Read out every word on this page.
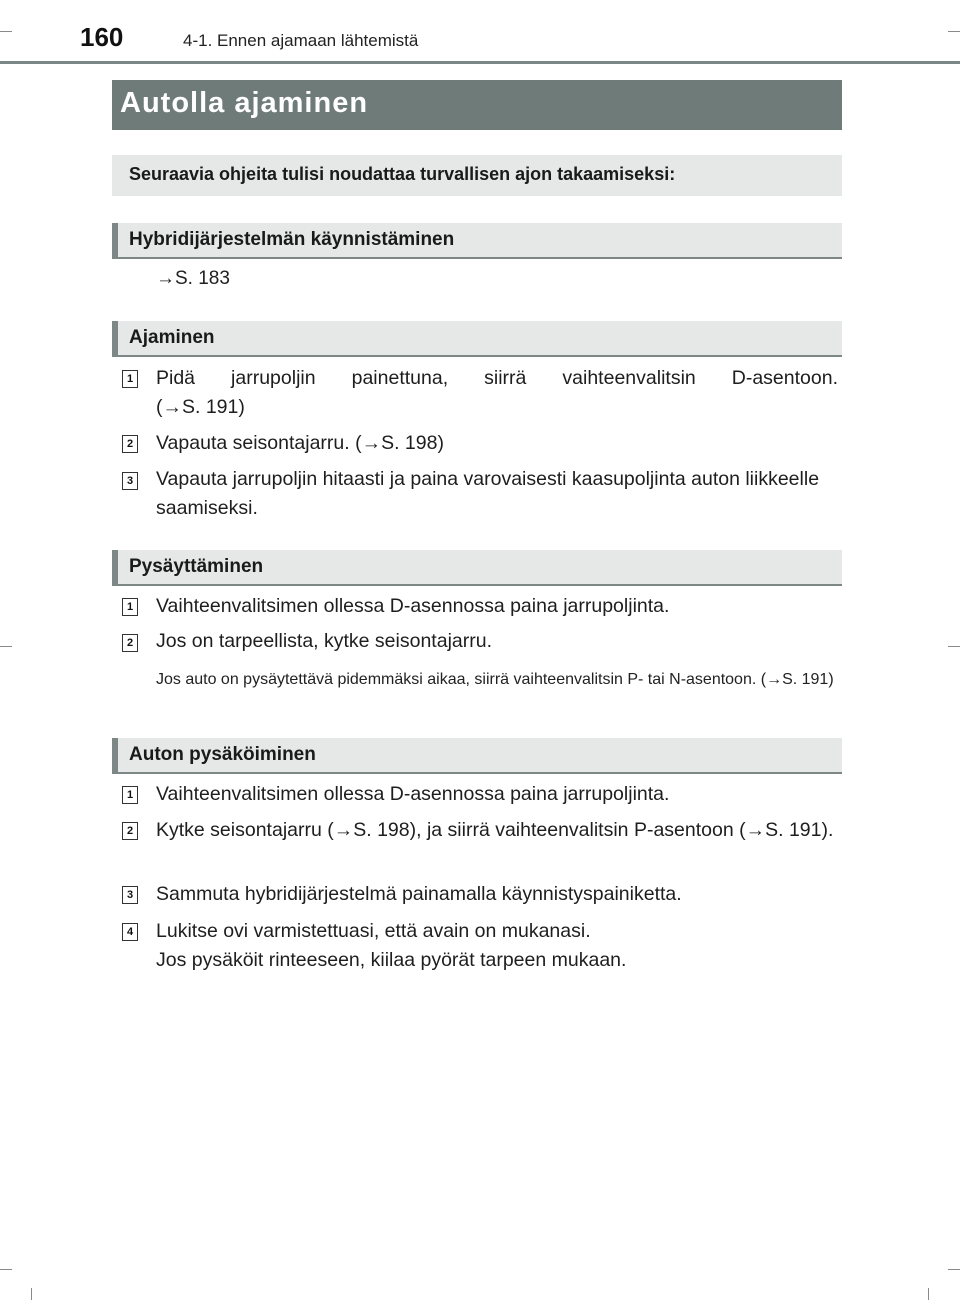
160	4-1. Ennen ajamaan lähtemistä
Autolla ajaminen
Seuraavia ohjeita tulisi noudattaa turvallisen ajon takaamiseksi:
Hybridijärjestelmän käynnistäminen
→S. 183
Ajaminen
1 Pidä jarrupoljin painettuna, siirrä vaihteenvalitsin D-asentoon.
(→S. 191)
2 Vapauta seisontajarru. (→S. 198)
3 Vapauta jarrupoljin hitaasti ja paina varovaisesti kaasupoljinta auton liikkeelle saamiseksi.
Pysäyttäminen
1 Vaihteenvalitsimen ollessa D-asennossa paina jarrupoljinta.
2 Jos on tarpeellista, kytke seisontajarru.
Jos auto on pysäytettävä pidemmäksi aikaa, siirrä vaihteenvalitsin P- tai N-asentoon. (→S. 191)
Auton pysäköiminen
1 Vaihteenvalitsimen ollessa D-asennossa paina jarrupoljinta.
2 Kytke seisontajarru (→S. 198), ja siirrä vaihteenvalitsin P-asentoon (→S. 191).
3 Sammuta hybridijärjestelmä painamalla käynnistyspainiketta.
4 Lukitse ovi varmistettuasi, että avain on mukanasi.
Jos pysäköit rinteeseen, kiilaa pyörät tarpeen mukaan.
